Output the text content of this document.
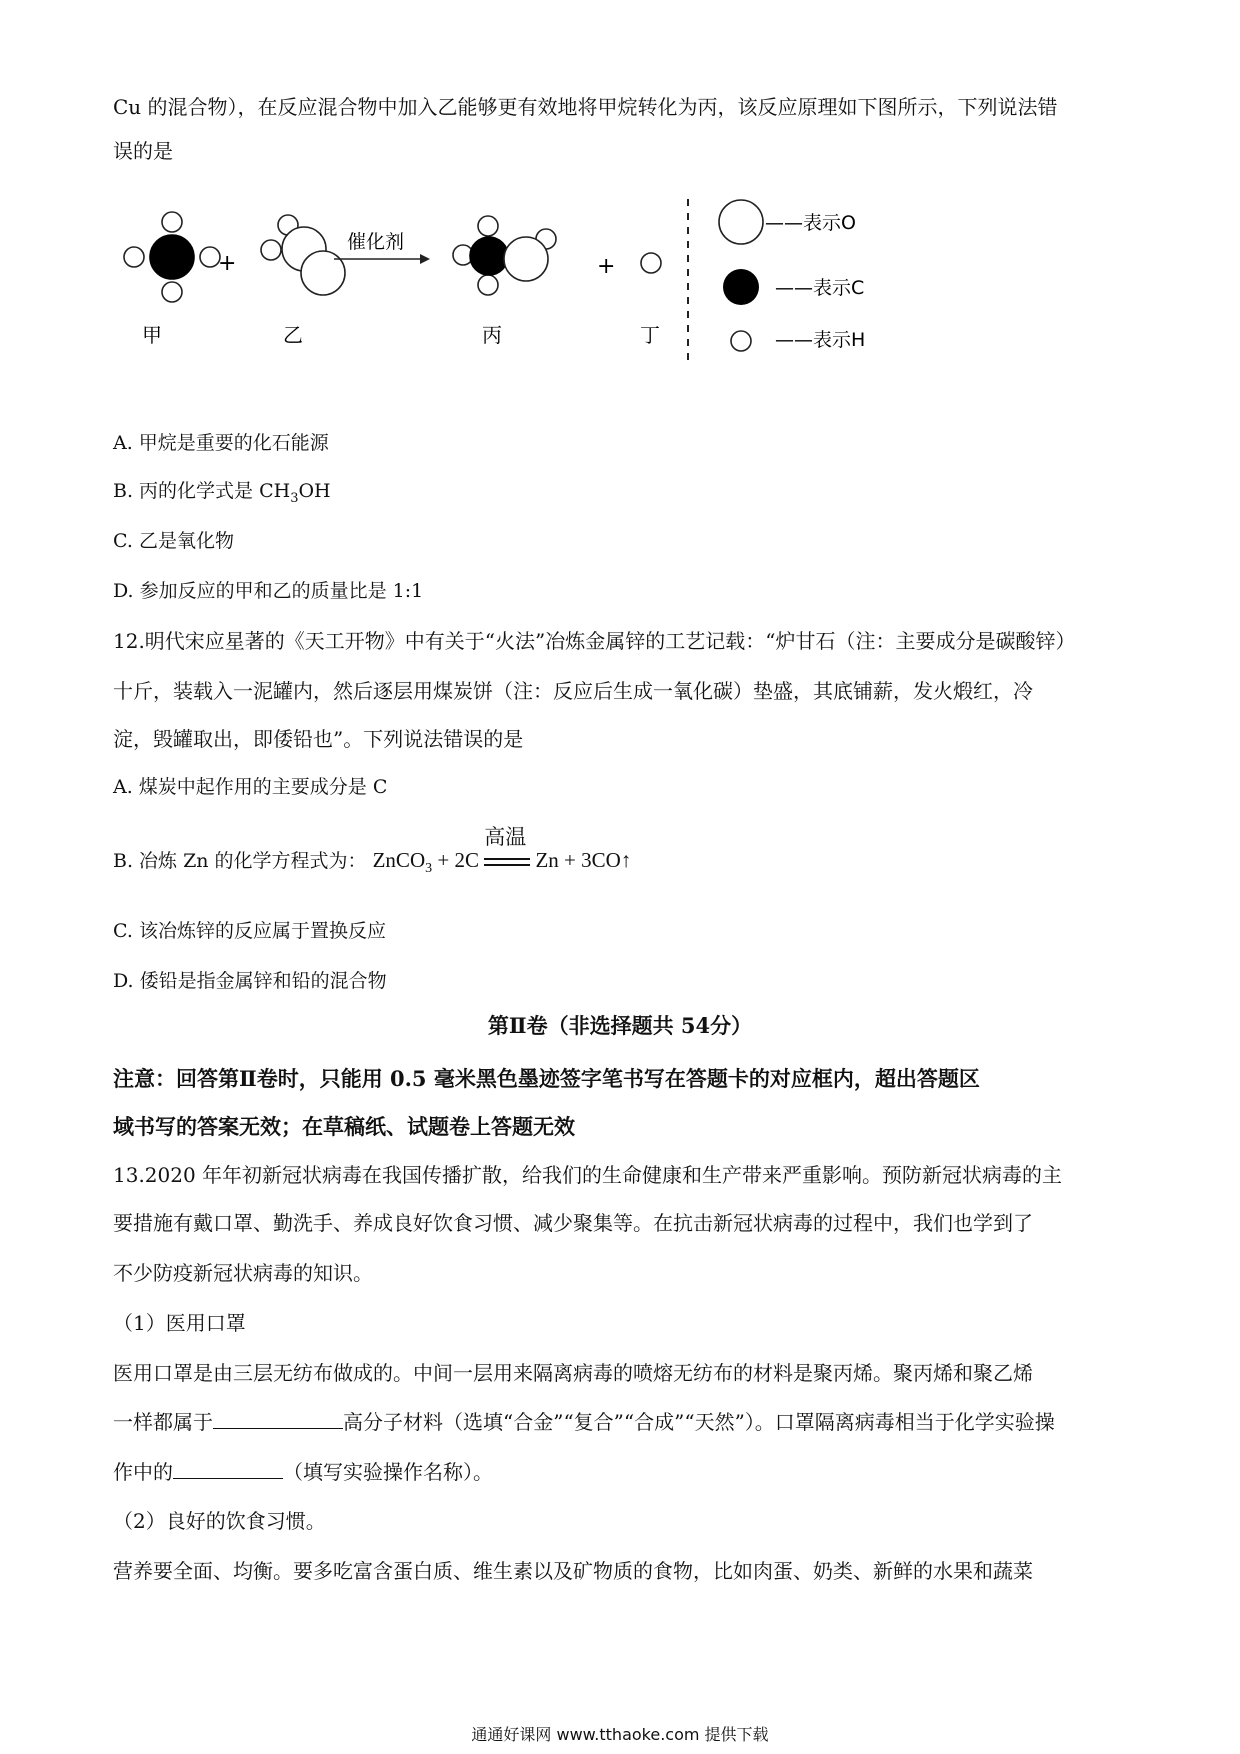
Cu 的混合物），在反应混合物中加入乙能够更有效地将甲烷转化为丙，该反应原理如下图所示，下列说法错
误的是
+
催化剂
+
甲	乙	丙	丁
——表示O
——表示C
——表示H
A. 甲烷是重要的化石能源
B. 丙的化学式是 $CH_3OH$
C. 乙是氧化物
D. 参加反应的甲和乙的质量比是 1:1
12.明代宋应星著的《天工开物》中有关于“火法”冶炼金属锌的工艺记载：“炉甘石（注：主要成分是碳酸锌）
十斤，装载入一泥罐内，然后逐层用煤炭饼（注：反应后生成一氧化碳）垫盛，其底铺薪，发火煅红，冷
淀，毁罐取出，即倭铅也”。下列说法错误的是
A. 煤炭中起作用的主要成分是 C
B. 冶炼 Zn 的化学方程式为： ZnCO$_3$ + 2C
高温
Zn + 3CO↑
C. 该冶炼锌的反应属于置换反应
D. 倭铅是指金属锌和铅的混合物
第Ⅱ卷（非选择题共 54分）
注意：回答第Ⅱ卷时，只能用 0.5 毫米黑色墨迹签字笔书写在答题卡的对应框内，超出答题区
域书写的答案无效；在草稿纸、试题卷上答题无效
13.2020 年年初新冠状病毒在我国传播扩散，给我们的生命健康和生产带来严重影响。预防新冠状病毒的主
要措施有戴口罩、勤洗手、养成良好饮食习惯、减少聚集等。在抗击新冠状病毒的过程中，我们也学到了
不少防疫新冠状病毒的知识。
（1）医用口罩
医用口罩是由三层无纺布做成的。中间一层用来隔离病毒的喷熔无纺布的材料是聚丙烯。聚丙烯和聚乙烯
一样都属于	高分子材料（选填“合金”“复合”“合成”“天然”）。口罩隔离病毒相当于化学实验操
作中的	（填写实验操作名称）。
（2）良好的饮食习惯。
营养要全面、均衡。要多吃富含蛋白质、维生素以及矿物质的食物，比如肉蛋、奶类、新鲜的水果和蔬菜
通通好课网 www.tthaoke.com 提供下载
